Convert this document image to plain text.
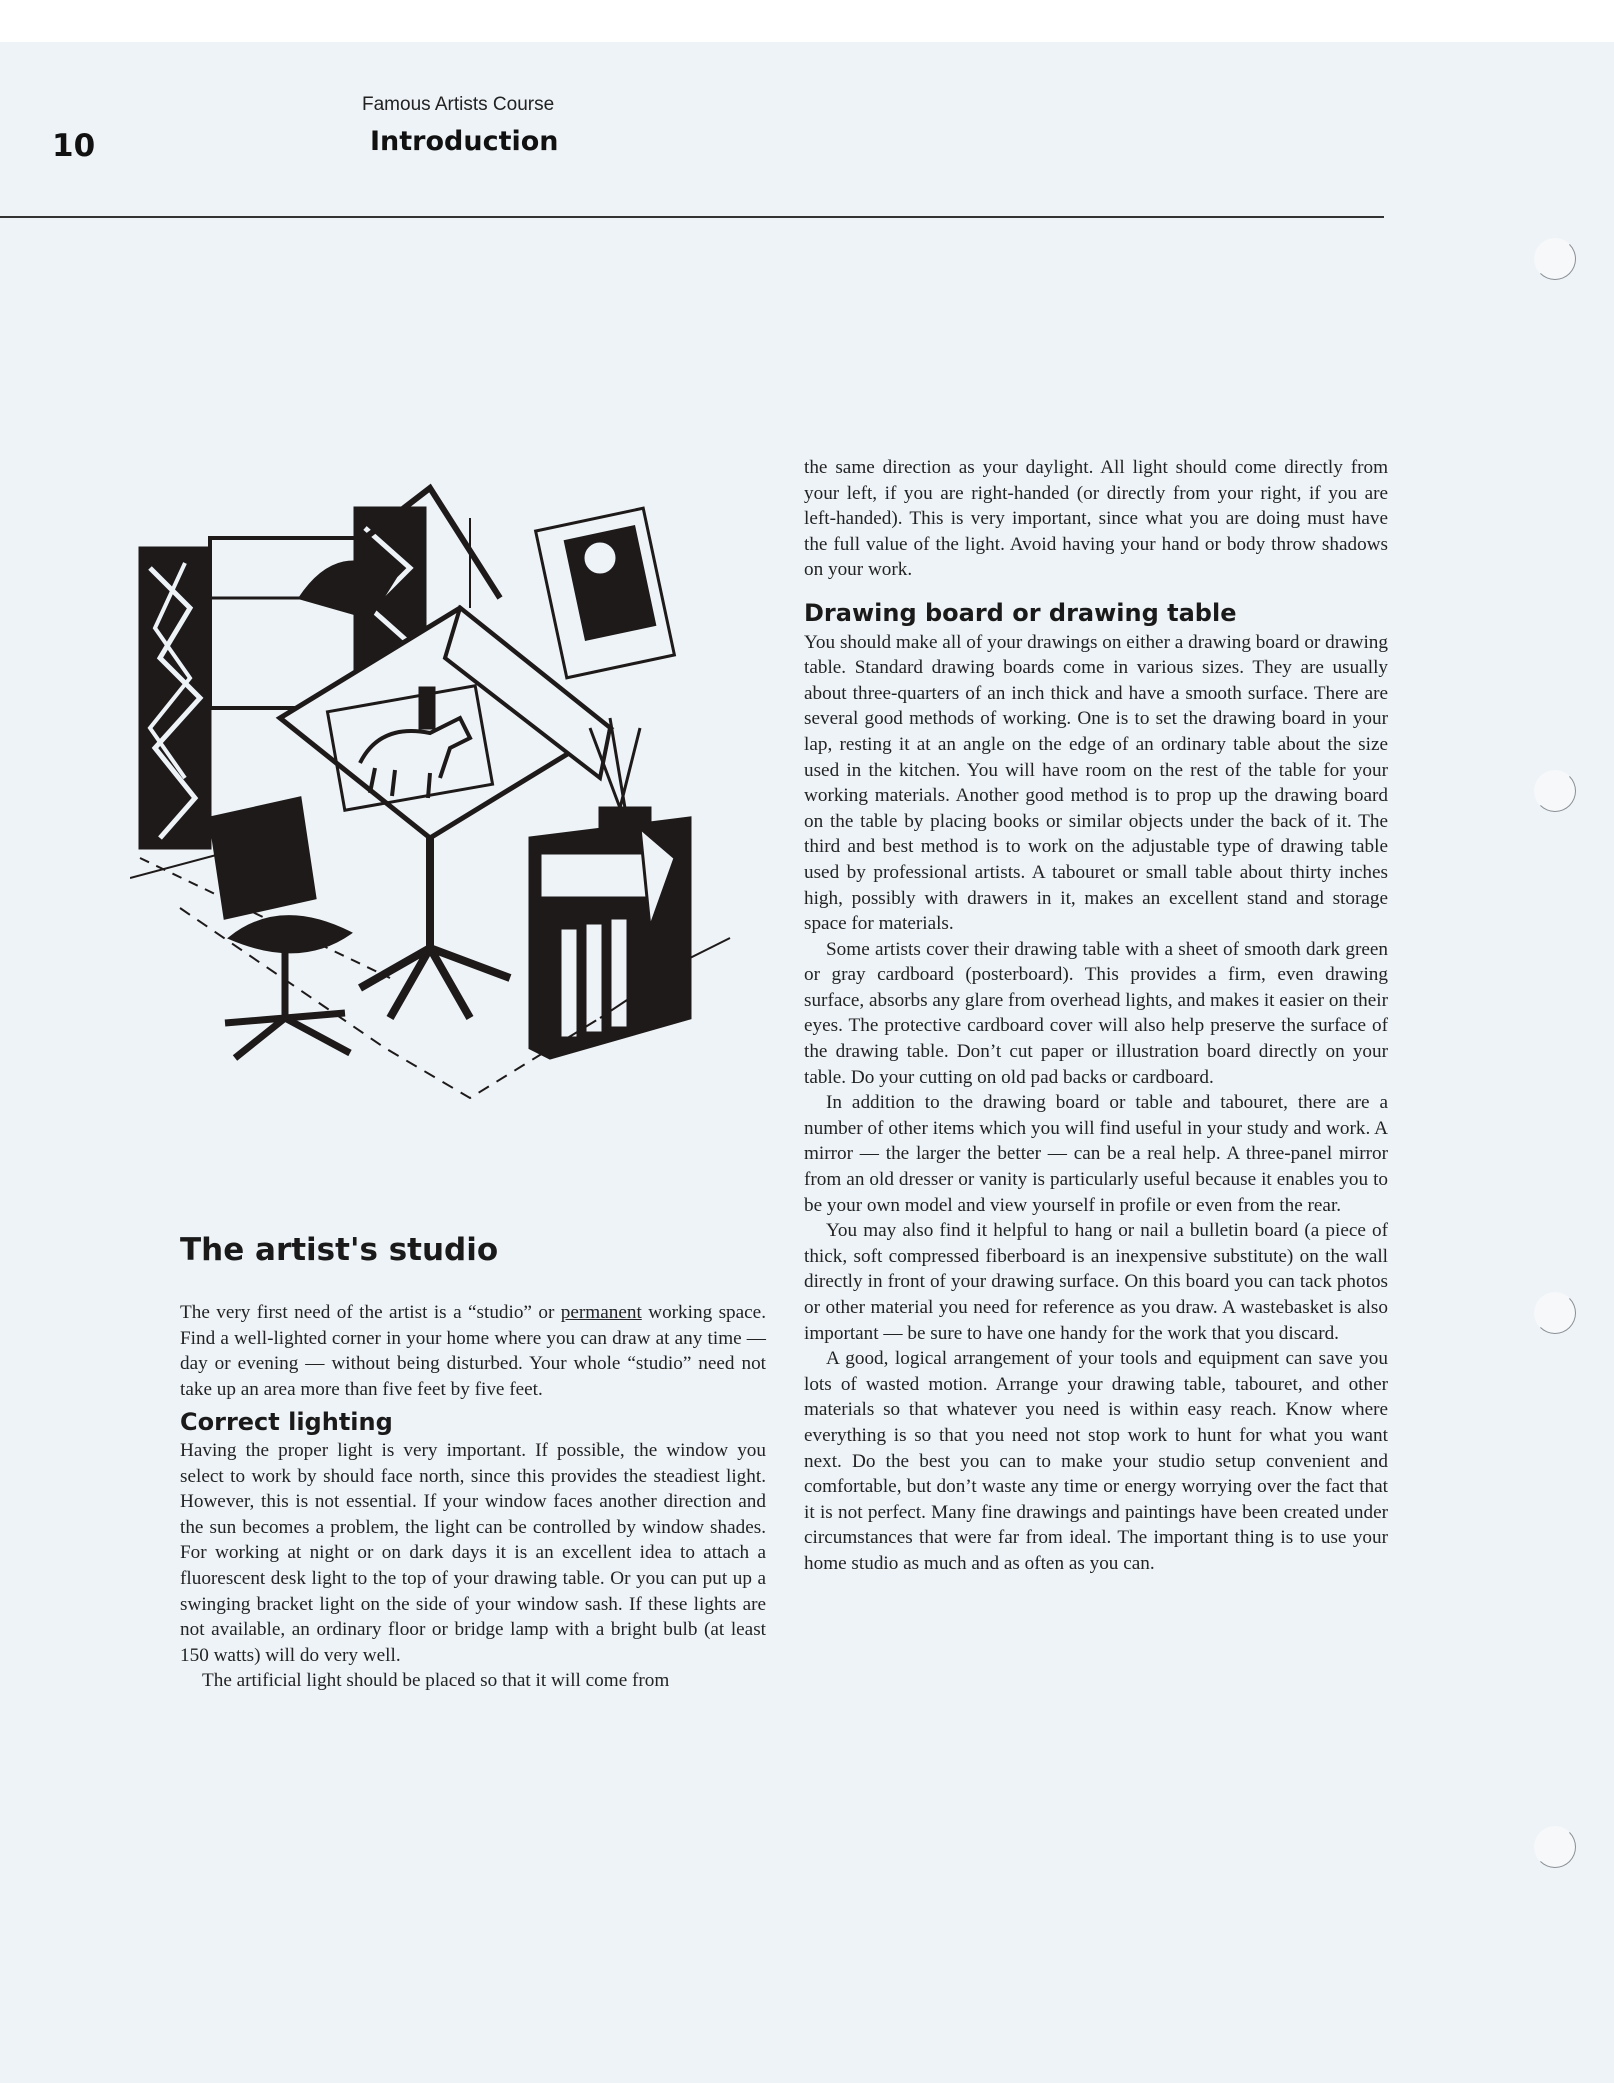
10
Famous Artists Course
Introduction
The artist's studio

The very first need of the artist is a “studio” or permanent working space. Find a well-lighted corner in your home where you can draw at any time — day or evening — without being disturbed. Your whole “studio” need not take up an area more than five feet by five feet.

Correct lighting

Having the proper light is very important. If possible, the window you select to work by should face north, since this provides the steadiest light. However, this is not essential. If your window faces another direction and the sun becomes a problem, the light can be controlled by window shades. For working at night or on dark days it is an excellent idea to attach a fluorescent desk light to the top of your drawing table. Or you can put up a swinging bracket light on the side of your window sash. If these lights are not available, an ordinary floor or bridge lamp with a bright bulb (at least 150 watts) will do very well.

The artificial light should be placed so that it will come from

the same direction as your daylight. All light should come directly from your left, if you are right-handed (or directly from your right, if you are left-handed). This is very important, since what you are doing must have the full value of the light. Avoid having your hand or body throw shadows on your work.

Drawing board or drawing table

You should make all of your drawings on either a drawing board or drawing table. Standard drawing boards come in various sizes. They are usually about three-quarters of an inch thick and have a smooth surface. There are several good methods of working. One is to set the drawing board in your lap, resting it at an angle on the edge of an ordinary table about the size used in the kitchen. You will have room on the rest of the table for your working materials. Another good method is to prop up the drawing board on the table by placing books or similar objects under the back of it. The third and best method is to work on the adjustable type of drawing table used by professional artists. A tabouret or small table about thirty inches high, possibly with drawers in it, makes an excellent stand and storage space for materials.

Some artists cover their drawing table with a sheet of smooth dark green or gray cardboard (posterboard). This provides a firm, even drawing surface, absorbs any glare from overhead lights, and makes it easier on their eyes. The protective cardboard cover will also help preserve the surface of the drawing table. Don’t cut paper or illustration board directly on your table. Do your cutting on old pad backs or cardboard.

In addition to the drawing board or table and tabouret, there are a number of other items which you will find useful in your study and work. A mirror — the larger the better — can be a real help. A three-panel mirror from an old dresser or vanity is particularly useful because it enables you to be your own model and view yourself in profile or even from the rear.

You may also find it helpful to hang or nail a bulletin board (a piece of thick, soft compressed fiberboard is an inexpensive substitute) on the wall directly in front of your drawing surface. On this board you can tack photos or other material you need for reference as you draw. A wastebasket is also important — be sure to have one handy for the work that you discard.

A good, logical arrangement of your tools and equipment can save you lots of wasted motion. Arrange your drawing table, tabouret, and other materials so that whatever you need is within easy reach. Know where everything is so that you need not stop work to hunt for what you want next. Do the best you can to make your studio setup convenient and comfortable, but don’t waste any time or energy worrying over the fact that it is not perfect. Many fine drawings and paintings have been created under circumstances that were far from ideal. The important thing is to use your home studio as much and as often as you can.
